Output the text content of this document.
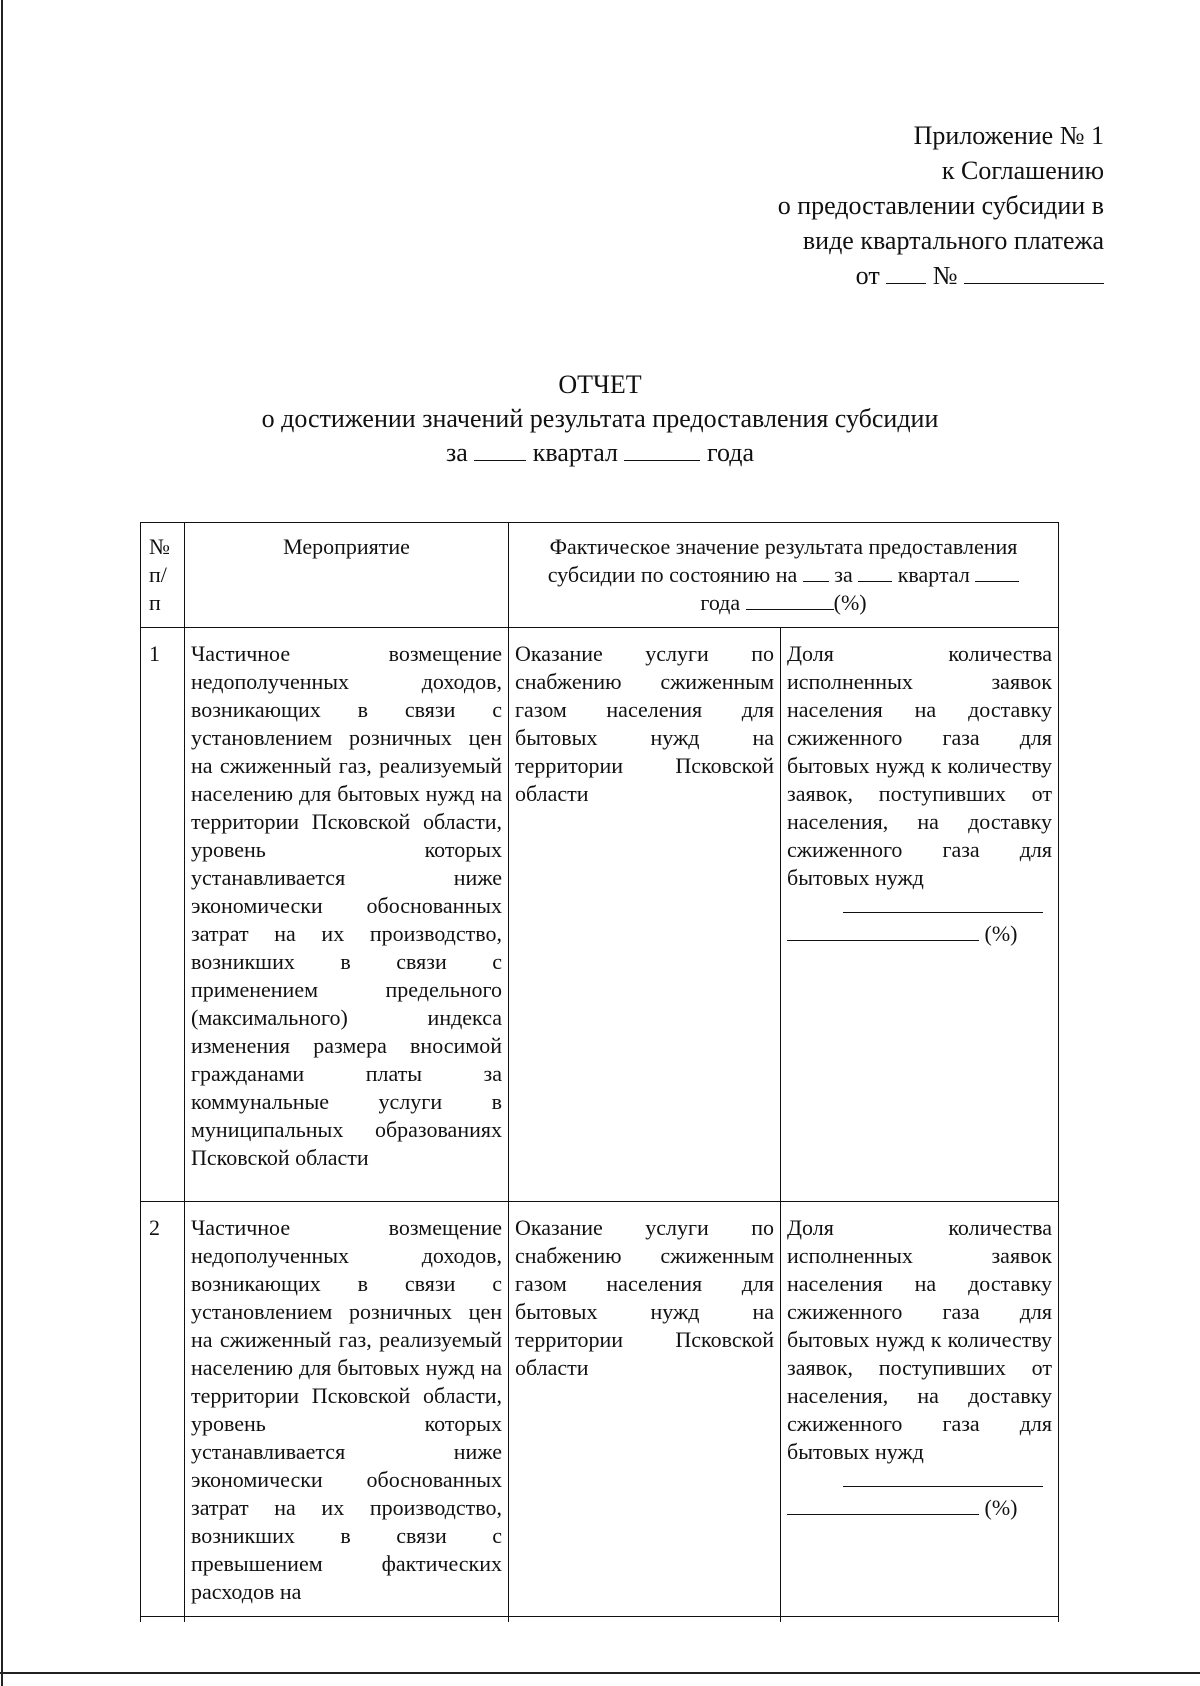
Приложение № 1
к Соглашению
о предоставлении субсидии в
виде квартального платежа
от №
ОТЧЕТ
о достижении значений результата предоставления субсидии
за	квартал	года
№ п/п	Мероприятие	Фактическое значение результата предоставления
субсидии по состоянию на за квартал
года (%)	

1	Частичное возмещение недополученных доходов, возникающих в связи с установлением розничных цен на сжиженный газ, реализуемый населению для бытовых нужд на территории Псковской области, уровень которых устанавливается ниже экономически обоснованных затрат на их производство, возникших в связи с применением предельного (максимального) индекса изменения размера вносимой гражданами платы за коммунальные услуги в муниципальных образованиях Псковской области	Оказание услуги по снабжению сжиженным газом населения для бытовых нужд на территории Псковской области	Доля количества исполненных заявок населения на доставку сжиженного газа для бытовых нужд к количеству заявок, поступивших от населения, на доставку сжиженного газа для бытовых нужд
(%)

2	Частичное возмещение недополученных доходов, возникающих в связи с установлением розничных цен на сжиженный газ, реализуемый населению для бытовых нужд на территории Псковской области, уровень которых устанавливается ниже экономически обоснованных затрат на их производство, возникших в связи с превышением фактических расходов на	Оказание услуги по снабжению сжиженным газом населения для бытовых нужд на территории Псковской области	Доля количества исполненных заявок населения на доставку сжиженного газа для бытовых нужд к количеству заявок, поступивших от населения, на доставку сжиженного газа для бытовых нужд
(%)
